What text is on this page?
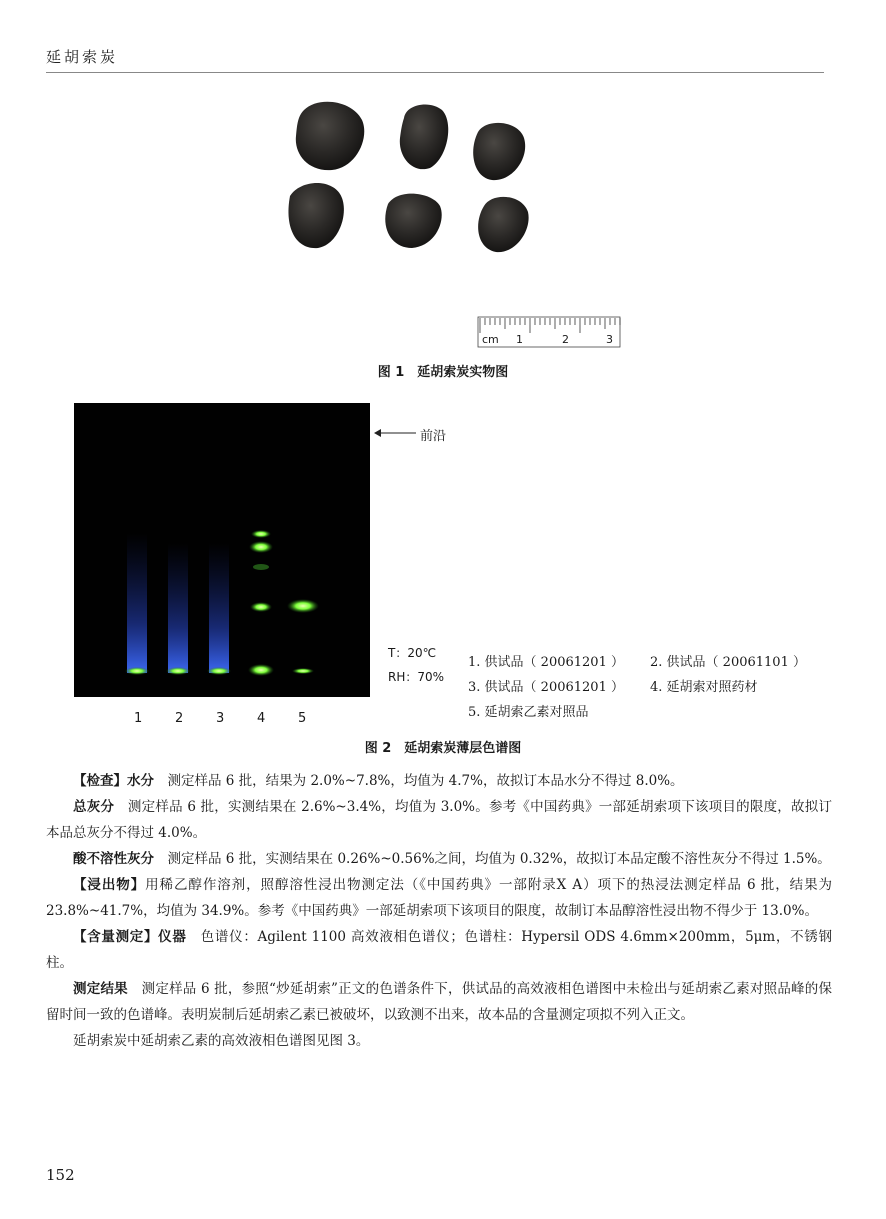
延胡索炭
cm 1	2	3
图 1　延胡索炭实物图
前沿
T：20℃
RH：70%
1. 供试品（ 20061201 ） 2. 供试品（ 20061101 ）
3. 供试品（ 20061201 ） 4. 延胡索对照药材
5. 延胡索乙素对照品
1	2	3	4	5
图 2　延胡索炭薄层色谱图

【检查】水分　测定样品 6 批，结果为 2.0%~7.8%，均值为 4.7%，故拟订本品水分不得过 8.0%。

总灰分　测定样品 6 批，实测结果在 2.6%~3.4%，均值为 3.0%。参考《中国药典》一部延胡索项下该项目的限度，故拟订本品总灰分不得过 4.0%。

酸不溶性灰分　测定样品 6 批，实测结果在 0.26%~0.56%之间，均值为 0.32%，故拟订本品定酸不溶性灰分不得过 1.5%。

【浸出物】用稀乙醇作溶剂，照醇溶性浸出物测定法（《中国药典》一部附录Ⅹ A）项下的热浸法测定样品 6 批，结果为 23.8%~41.7%，均值为 34.9%。参考《中国药典》一部延胡索项下该项目的限度，故制订本品醇溶性浸出物不得少于 13.0%。

【含量测定】仪器　色谱仪：Agilent 1100 高效液相色谱仪；色谱柱：Hypersil ODS 4.6mm×200mm，5μm，不锈钢柱。

测定结果　测定样品 6 批，参照“炒延胡索”正文的色谱条件下，供试品的高效液相色谱图中未检出与延胡索乙素对照品峰的保留时间一致的色谱峰。表明炭制后延胡索乙素已被破坏，以致测不出来，故本品的含量测定项拟不列入正文。

延胡索炭中延胡索乙素的高效液相色谱图见图 3。

152
